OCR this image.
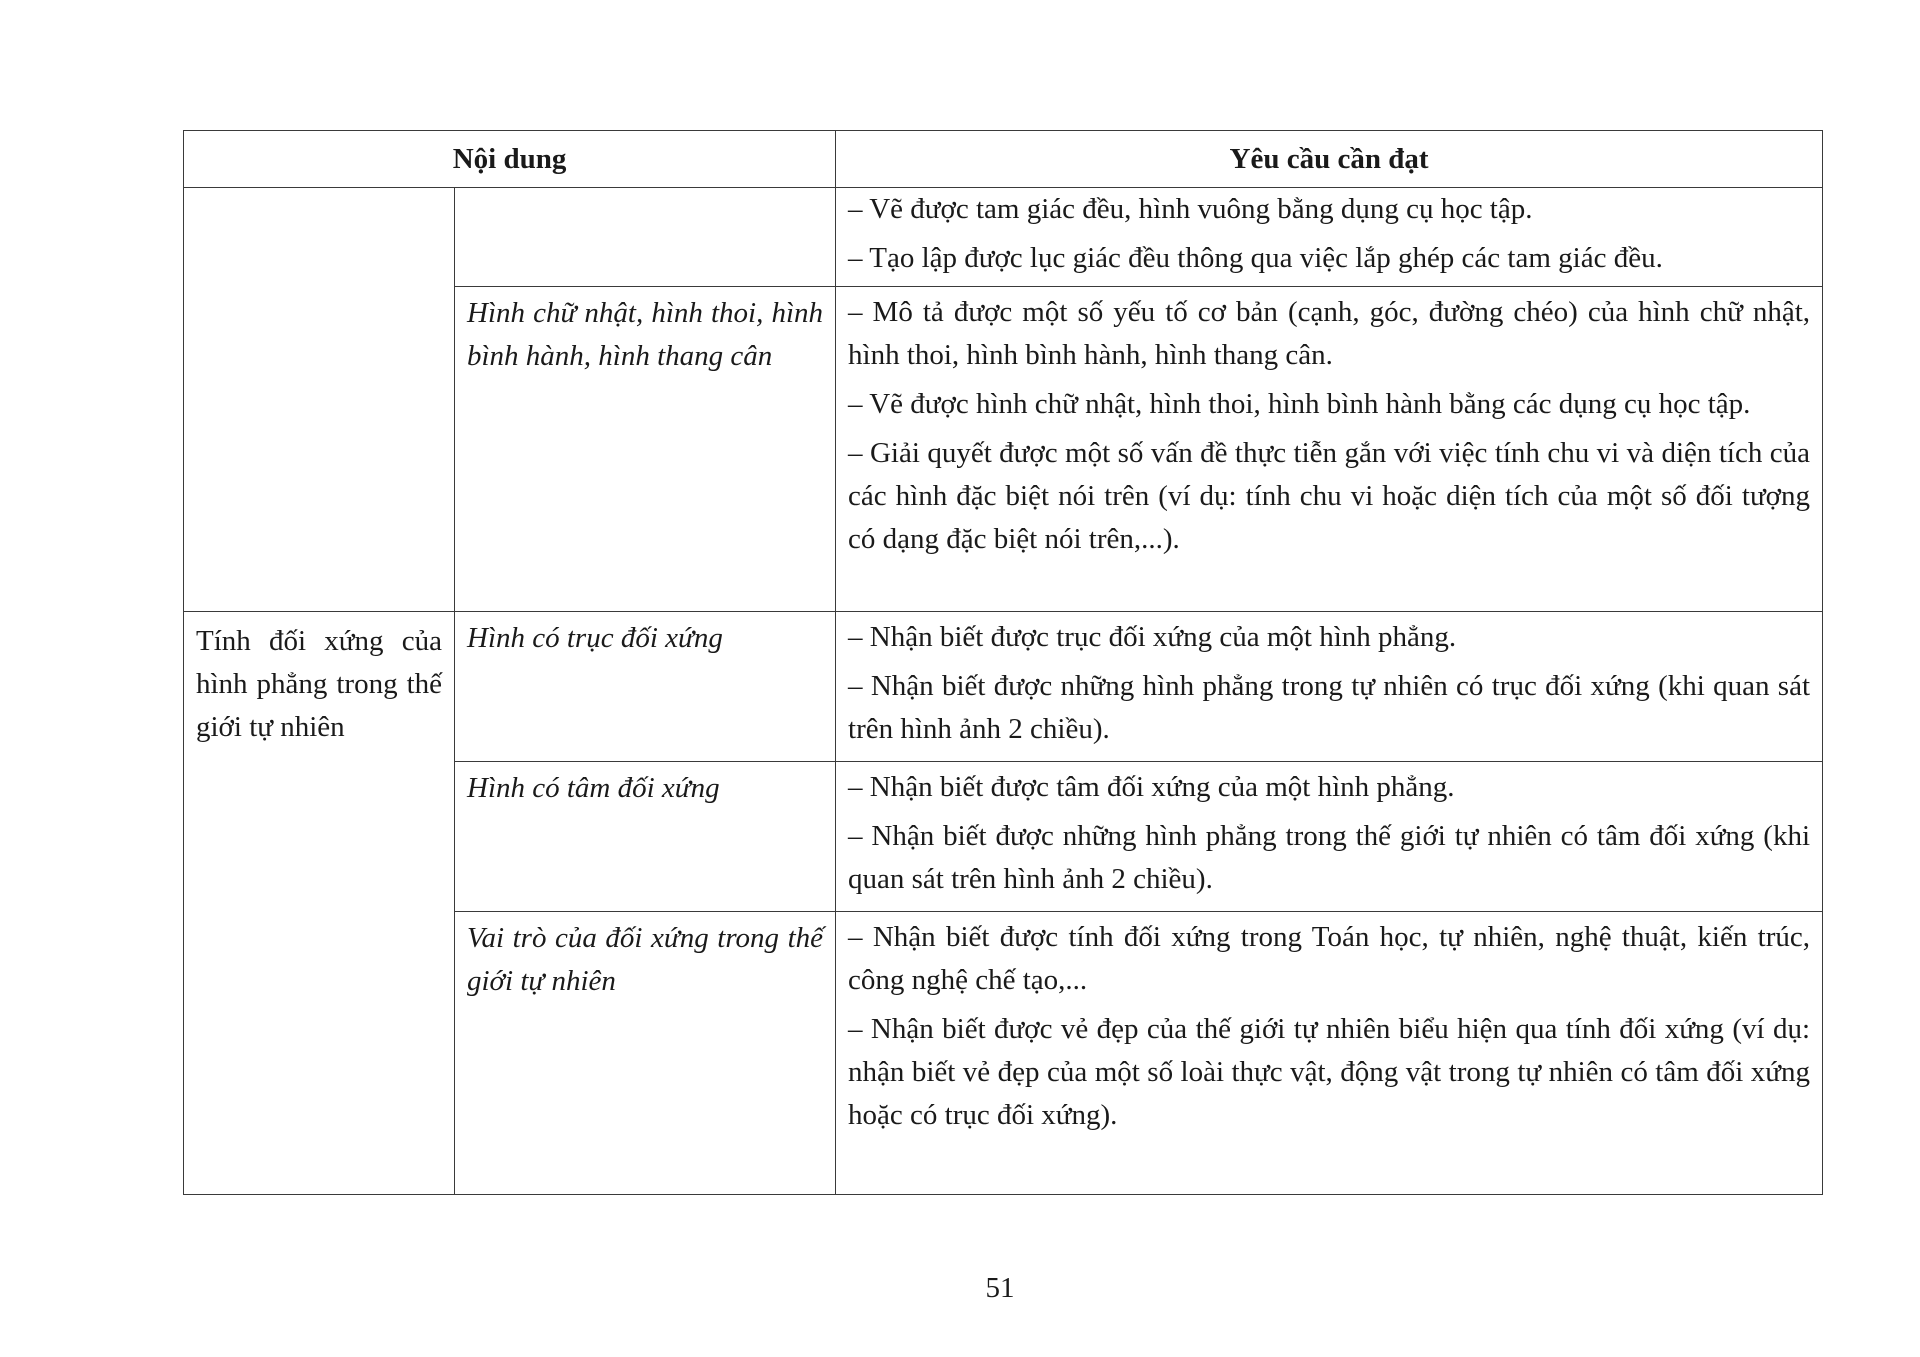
Nội dung		Yêu cầu cần đạt

		– Vẽ được tam giác đều, hình vuông bằng dụng cụ học tập.

– Tạo lập được lục giác đều thông qua việc lắp ghép các tam giác đều.

	Hình chữ nhật, hình thoi, hình bình hành, hình thang cân	– Mô tả được một số yếu tố cơ bản (cạnh, góc, đường chéo) của hình chữ nhật, hình thoi, hình bình hành, hình thang cân.

– Vẽ được hình chữ nhật, hình thoi, hình bình hành bằng các dụng cụ học tập.

– Giải quyết được một số vấn đề thực tiễn gắn với việc tính chu vi và diện tích của các hình đặc biệt nói trên (ví dụ: tính chu vi hoặc diện tích của một số đối tượng có dạng đặc biệt nói trên,...).

Tính đối xứng của hình phẳng trong thế giới tự nhiên	Hình có trục đối xứng	– Nhận biết được trục đối xứng của một hình phẳng.

– Nhận biết được những hình phẳng trong tự nhiên có trục đối xứng (khi quan sát trên hình ảnh 2 chiều).

	Hình có tâm đối xứng	– Nhận biết được tâm đối xứng của một hình phẳng.

– Nhận biết được những hình phẳng trong thế giới tự nhiên có tâm đối xứng (khi quan sát trên hình ảnh 2 chiều).

	Vai trò của đối xứng trong thế giới tự nhiên	– Nhận biết được tính đối xứng trong Toán học, tự nhiên, nghệ thuật, kiến trúc, công nghệ chế tạo,...

– Nhận biết được vẻ đẹp của thế giới tự nhiên biểu hiện qua tính đối xứng (ví dụ: nhận biết vẻ đẹp của một số loài thực vật, động vật trong tự nhiên có tâm đối xứng hoặc có trục đối xứng).

51
